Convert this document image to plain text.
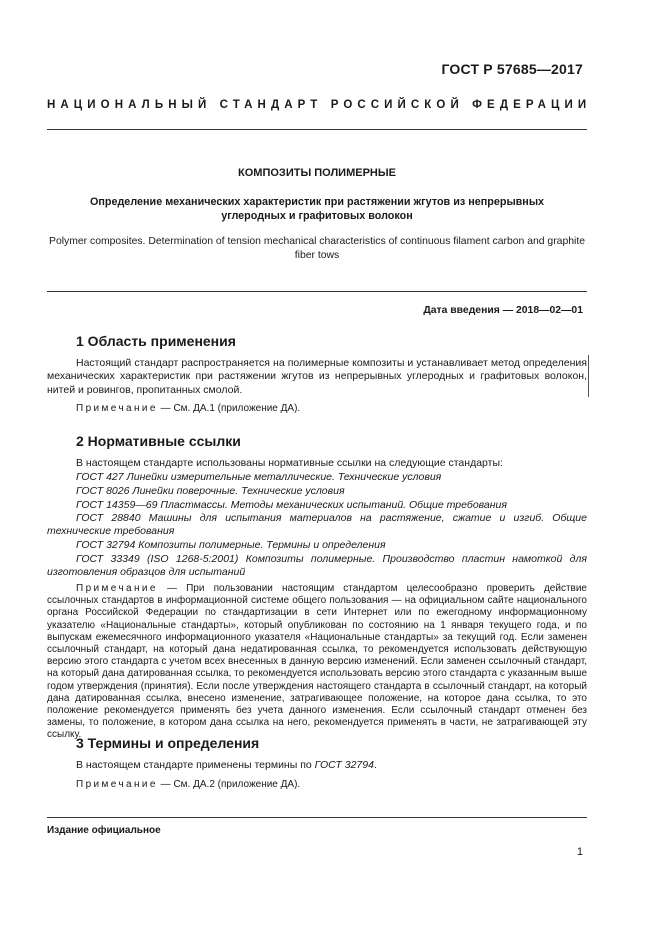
ГОСТ Р 57685—2017
НАЦИОНАЛЬНЫЙ СТАНДАРТ РОССИЙСКОЙ ФЕДЕРАЦИИ
КОМПОЗИТЫ ПОЛИМЕРНЫЕ
Определение механических характеристик при растяжении жгутов из непрерывных
углеродных и графитовых волокон
Polymer composites. Determination of tension mechanical characteristics of continuous filament carbon and graphite
fiber tows
Дата введения — 2018—02—01
1 Область применения
Настоящий стандарт распространяется на полимерные композиты и устанавливает метод определения механических характеристик при растяжении жгутов из непрерывных углеродных и графитовых волокон, нитей и ровингов, пропитанных смолой.
Примечание — См. ДА.1 (приложение ДА).
2 Нормативные ссылки
В настоящем стандарте использованы нормативные ссылки на следующие стандарты:
ГОСТ 427 Линейки измерительные металлические. Технические условия
ГОСТ 8026 Линейки поверочные. Технические условия
ГОСТ 14359—69 Пластмассы. Методы механических испытаний. Общие требования
ГОСТ 28840 Машины для испытания материалов на растяжение, сжатие и изгиб. Общие технические требования
ГОСТ 32794 Композиты полимерные. Термины и определения
ГОСТ 33349 (ISO 1268-5:2001) Композиты полимерные. Производство пластин намоткой для изготовления образцов для испытаний
Примечание — При пользовании настоящим стандартом целесообразно проверить действие ссылочных стандартов в информационной системе общего пользования — на официальном сайте национального органа Российской Федерации по стандартизации в сети Интернет или по ежегодному информационному указателю «Национальные стандарты», который опубликован по состоянию на 1 января текущего года, и по выпускам ежемесячного информационного указателя «Национальные стандарты» за текущий год. Если заменен ссылочный стандарт, на который дана недатированная ссылка, то рекомендуется использовать действующую версию этого стандарта с учетом всех внесенных в данную версию изменений. Если заменен ссылочный стандарт, на который дана датированная ссылка, то рекомендуется использовать версию этого стандарта с указанным выше годом утверждения (принятия). Если после утверждения настоящего стандарта в ссылочный стандарт, на который дана датированная ссылка, внесено изменение, затрагивающее положение, на которое дана ссылка, то это положение рекомендуется применять без учета данного изменения. Если ссылочный стандарт отменен без замены, то положение, в котором дана ссылка на него, рекомендуется применять в части, не затрагивающей эту ссылку.
3 Термины и определения
В настоящем стандарте применены термины по ГОСТ 32794.
Примечание — См. ДА.2 (приложение ДА).
Издание официальное
1
